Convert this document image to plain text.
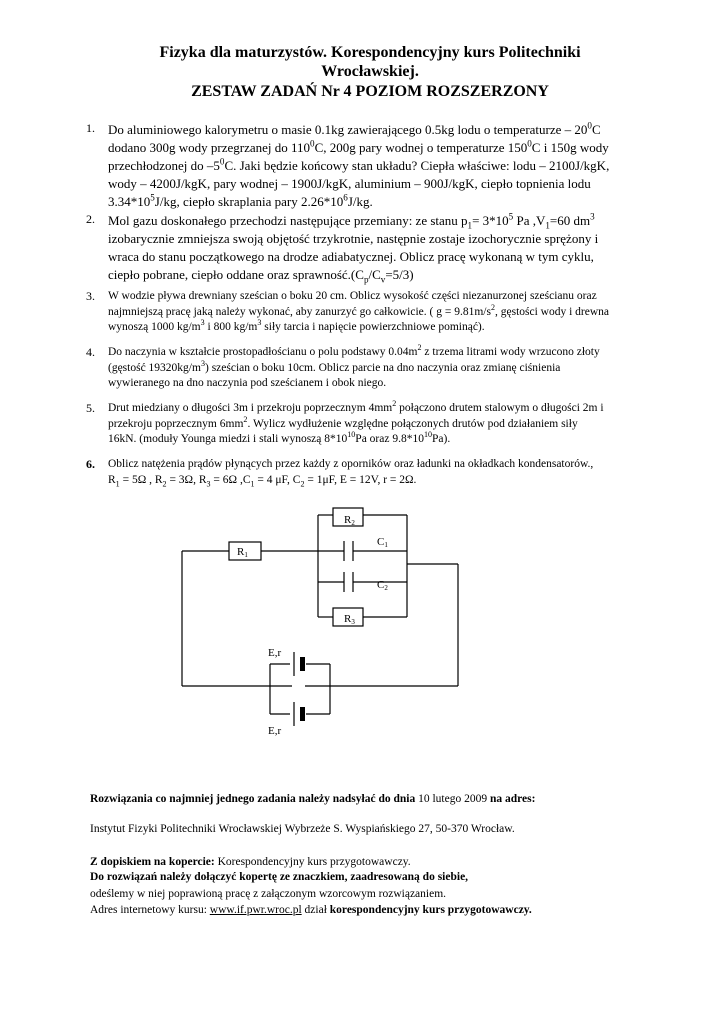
Fizyka dla maturzystów. Korespondencyjny kurs Politechniki
Wrocławskiej.
ZESTAW ZADAŃ Nr 4 POZIOM ROZSZERZONY
1. Do aluminiowego kalorymetru o masie 0.1kg zawierającego 0.5kg lodu o temperaturze – $20^0C$
dodano 300g wody przegrzanej do $110^0C$, 200g pary wodnej o temperaturze $150^0C$ i 150g wody
przechłodzonej do $-5^0C$. Jaki będzie końcowy stan układu? Ciepła właściwe: lodu – 2100J/kgK,
wody – 4200J/kgK, pary wodnej – 1900J/kgK, aluminium – 900J/kgK, ciepło topnienia lodu
$3.34*10^5J/kg$, ciepło skraplania pary $2.26*10^6J/kg$.
2. Mol gazu doskonałego przechodzi następujące przemiany: ze stanu $p_1= 3*10^5$ Pa $,V_1=60$ $dm^3$
izobarycznie zmniejsza swoją objętość trzykrotnie, następnie zostaje izochorycznie sprężony i
wraca do stanu początkowego na drodze adiabatycznej. Oblicz pracę wykonaną w tym cyklu,
ciepło pobrane, ciepło oddane oraz $sprawność.(C_p/C_v=5/3)$
3. W wodzie pływa drewniany sześcian o boku 20 cm. Oblicz wysokość części niezanurzonej sześcianu oraz
najmniejszą pracę jaką należy wykonać, aby zanurzyć go całkowicie. ( $g = 9.81m/s^2$, gęstości wody i drewna
wynoszą 1000 $kg/m^3$ i 800 $kg/m^3$ siły tarcia i napięcie powierzchniowe pominąć).
4. Do naczynia w kształcie prostopadłościanu o polu podstawy $0.04m^2$ z trzema litrami wody wrzucono złoty
(gęstość $19320kg/m^3$) sześcian o boku 10cm. Oblicz parcie na dno naczynia oraz zmianę ciśnienia
wywieranego na dno naczynia pod sześcianem i obok niego.
5. Drut miedziany o długości 3m i przekroju poprzecznym $4mm^2$ połączono drutem stalowym o długości 2m i
przekroju poprzecznym $6mm^2$. Wylicz wydłużenie względne połączonych drutów pod działaniem siły
16kN. (moduły Younga miedzi i stali wynoszą $8*10^{10}Pa$ oraz $9.8*10^{10}Pa$).
6. Oblicz natężenia prądów płynących przez każdy z oporników oraz ładunki na okładkach kondensatorów.,
$R_1 = 5\Omega$ , $R_2 = 3\Omega$, $R_3 = 6\Omega$ $,C_1 = 4$ μF, $C_2 = 1\mu F$, E = 12V, r = 2Ω.
R1
R2
R3
C1
C2
E,r
E,r
Rozwiązania co najmniej jednego zadania należy nadsyłać do dnia 10 lutego 2009 na adres:
Instytut Fizyki Politechniki Wrocławskiej Wybrzeże S. Wyspiańskiego 27, 50-370 Wrocław.
Z dopiskiem na kopercie: Korespondencyjny kurs przygotowawczy.
Do rozwiązań należy dołączyć kopertę ze znaczkiem, zaadresowaną do siebie,
odeślemy w niej poprawioną pracę z załączonym wzorcowym rozwiązaniem.
Adres internetowy kursu: www.if.pwr.wroc.pl dział korespondencyjny kurs przygotowawczy.
